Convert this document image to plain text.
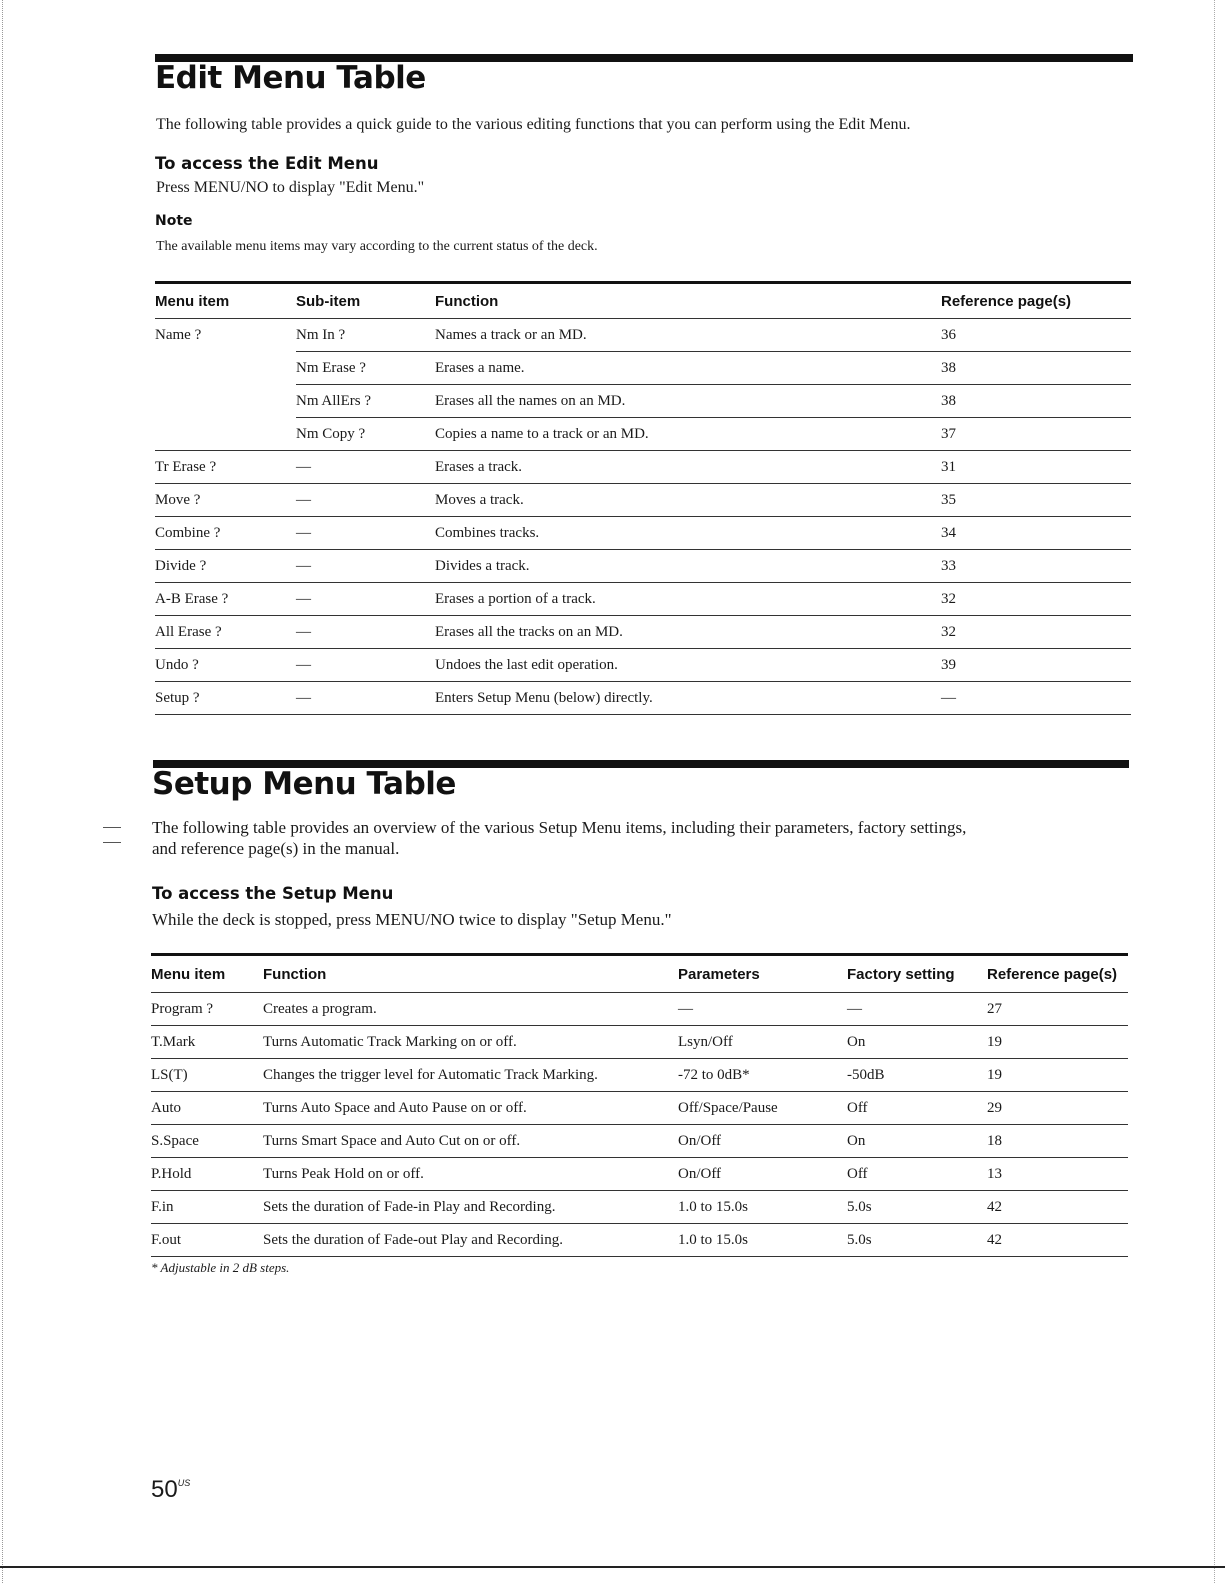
Edit Menu Table
The following table provides a quick guide to the various editing functions that you can perform using the Edit Menu.
To access the Edit Menu
Press MENU/NO to display "Edit Menu."
Note
The available menu items may vary according to the current status of the deck.
Menu item	Sub-item	Function	Reference page(s)
Name ?	Nm In ?	Names a track or an MD.	36
	Nm Erase ?	Erases a name.	38
	Nm AllErs ?	Erases all the names on an MD.	38
	Nm Copy ?	Copies a name to a track or an MD.	37
Tr Erase ?	—	Erases a track.	31
Move ?	—	Moves a track.	35
Combine ?	—	Combines tracks.	34
Divide ?	—	Divides a track.	33
A-B Erase ?	—	Erases a portion of a track.	32
All Erase ?	—	Erases all the tracks on an MD.	32
Undo ?	—	Undoes the last edit operation.	39
Setup ?	—	Enters Setup Menu (below) directly.	—
Setup Menu Table
The following table provides an overview of the various Setup Menu items, including their parameters, factory settings,
and reference page(s) in the manual.
To access the Setup Menu
While the deck is stopped, press MENU/NO twice to display "Setup Menu."
Menu item	Function	Parameters	Factory setting	Reference page(s)
Program ?	Creates a program.	—	—	27
T.Mark	Turns Automatic Track Marking on or off.	Lsyn/Off	On	19
LS(T)	Changes the trigger level for Automatic Track Marking.	-72 to 0dB*	-50dB	19
Auto	Turns Auto Space and Auto Pause on or off.	Off/Space/Pause	Off	29
S.Space	Turns Smart Space and Auto Cut on or off.	On/Off	On	18
P.Hold	Turns Peak Hold on or off.	On/Off	Off	13
F.in	Sets the duration of Fade-in Play and Recording.	1.0 to 15.0s	5.0s	42
F.out	Sets the duration of Fade-out Play and Recording.	1.0 to 15.0s	5.0s	42
* Adjustable in 2 dB steps.
$50^{US}$
